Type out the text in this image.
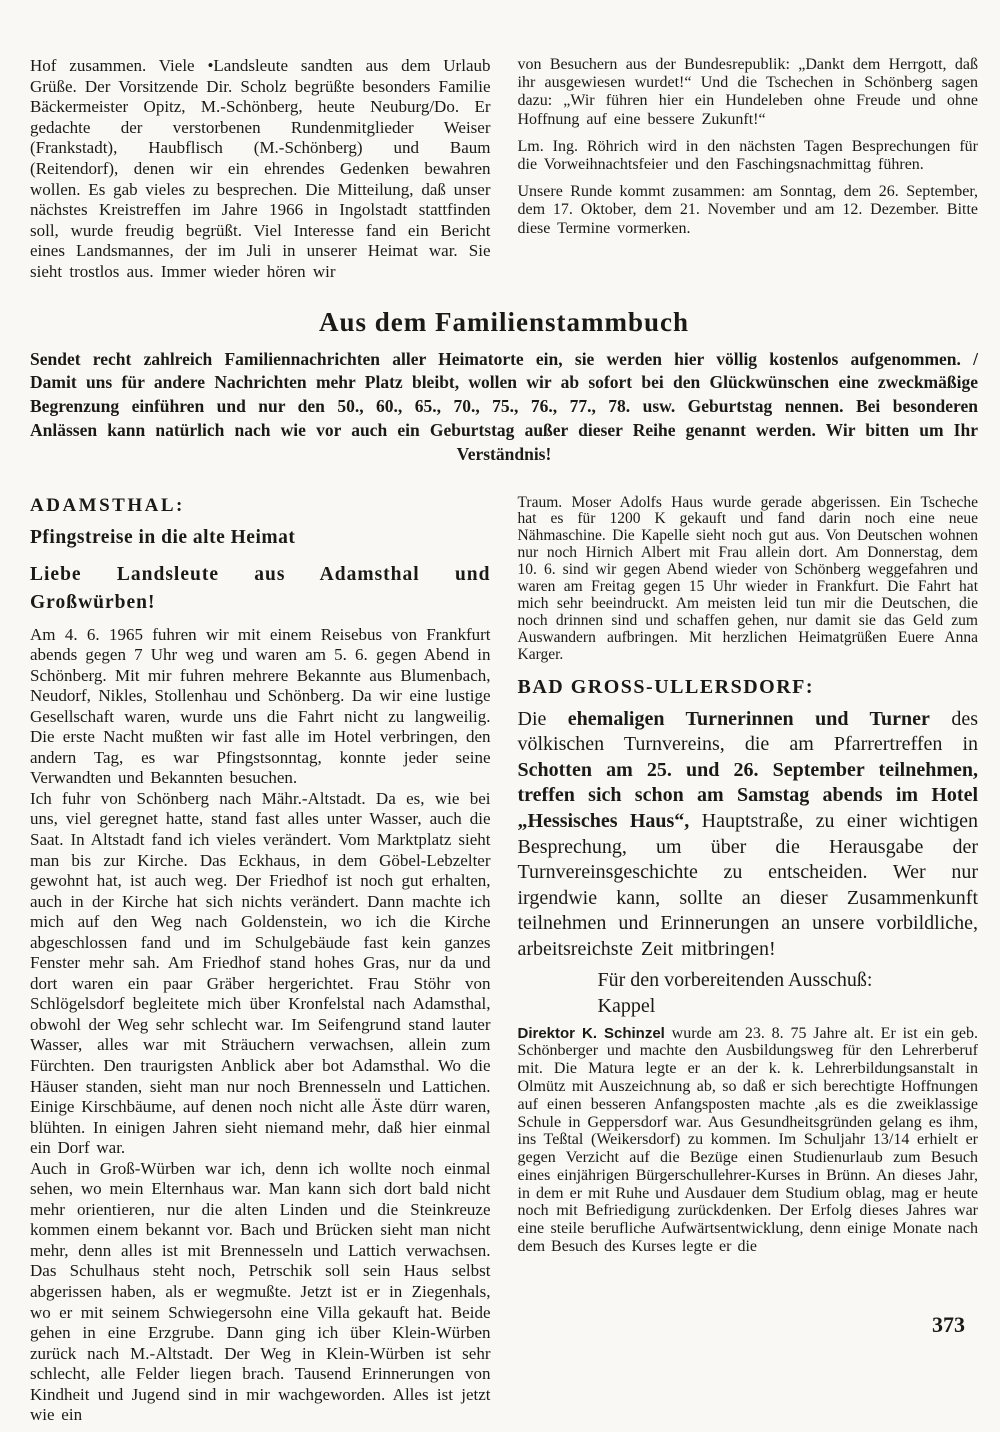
Hof zusammen. Viele •Landsleute sandten aus dem Urlaub Grüße. Der Vorsitzende Dir. Scholz begrüßte besonders Familie Bäckermeister Opitz, M.-Schönberg, heute Neuburg/Do. Er gedachte der verstorbenen Rundenmitglieder Weiser (Frankstadt), Haubflisch (M.-Schönberg) und Baum (Reitendorf), denen wir ein ehrendes Gedenken bewahren wollen. Es gab vieles zu besprechen. Die Mitteilung, daß unser nächstes Kreistreffen im Jahre 1966 in Ingolstadt stattfinden soll, wurde freudig begrüßt. Viel Interesse fand ein Bericht eines Landsmannes, der im Juli in unserer Heimat war. Sie sieht trostlos aus. Immer wieder hören wir

von Besuchern aus der Bundesrepublik: „Dankt dem Herrgott, daß ihr ausgewiesen wurdet!“ Und die Tschechen in Schönberg sagen dazu: „Wir führen hier ein Hundeleben ohne Freude und ohne Hoffnung auf eine bessere Zukunft!“

Lm. Ing. Röhrich wird in den nächsten Tagen Besprechungen für die Vorweihnachtsfeier und den Faschingsnachmittag führen.

Unsere Runde kommt zusammen: am Sonntag, dem 26. September, dem 17. Oktober, dem 21. November und am 12. Dezember. Bitte diese Termine vormerken.

Aus dem Familienstammbuch

Sendet recht zahlreich Familiennachrichten aller Heimatorte ein, sie werden hier völlig kostenlos aufgenommen. / Damit uns für andere Nachrichten mehr Platz bleibt, wollen wir ab sofort bei den Glückwünschen eine zweckmäßige Begrenzung einführen und nur den 50., 60., 65., 70., 75., 76., 77., 78. usw. Geburtstag nennen. Bei besonderen Anlässen kann natürlich nach wie vor auch ein Geburtstag außer dieser Reihe genannt werden. Wir bitten um Ihr Verständnis!

ADAMSTHAL:
Pfingstreise in die alte Heimat
Liebe Landsleute aus Adamsthal und Großwürben!

Am 4. 6. 1965 fuhren wir mit einem Reisebus von Frankfurt abends gegen 7 Uhr weg und waren am 5. 6. gegen Abend in Schönberg. Mit mir fuhren mehrere Bekannte aus Blumenbach, Neudorf, Nikles, Stollenhau und Schönberg. Da wir eine lustige Gesellschaft waren, wurde uns die Fahrt nicht zu langweilig. Die erste Nacht mußten wir fast alle im Hotel verbringen, den andern Tag, es war Pfingstsonntag, konnte jeder seine Verwandten und Bekannten besuchen.

Ich fuhr von Schönberg nach Mähr.-Altstadt. Da es, wie bei uns, viel geregnet hatte, stand fast alles unter Wasser, auch die Saat. In Altstadt fand ich vieles verändert. Vom Marktplatz sieht man bis zur Kirche. Das Eckhaus, in dem Göbel-Lebzelter gewohnt hat, ist auch weg. Der Friedhof ist noch gut erhalten, auch in der Kirche hat sich nichts verändert. Dann machte ich mich auf den Weg nach Goldenstein, wo ich die Kirche abgeschlossen fand und im Schulgebäude fast kein ganzes Fenster mehr sah. Am Friedhof stand hohes Gras, nur da und dort waren ein paar Gräber hergerichtet. Frau Stöhr von Schlögelsdorf begleitete mich über Kronfelstal nach Adamsthal, obwohl der Weg sehr schlecht war. Im Seifengrund stand lauter Wasser, alles war mit Sträuchern verwachsen, allein zum Fürchten. Den traurigsten Anblick aber bot Adamsthal. Wo die Häuser standen, sieht man nur noch Brennesseln und Lattichen. Einige Kirschbäume, auf denen noch nicht alle Äste dürr waren, blühten. In einigen Jahren sieht niemand mehr, daß hier einmal ein Dorf war.

Auch in Groß-Würben war ich, denn ich wollte noch einmal sehen, wo mein Elternhaus war. Man kann sich dort bald nicht mehr orientieren, nur die alten Linden und die Steinkreuze kommen einem bekannt vor. Bach und Brücken sieht man nicht mehr, denn alles ist mit Brennesseln und Lattich verwachsen. Das Schulhaus steht noch, Petrschik soll sein Haus selbst abgerissen haben, als er wegmußte. Jetzt ist er in Ziegenhals, wo er mit seinem Schwiegersohn eine Villa gekauft hat. Beide gehen in eine Erzgrube. Dann ging ich über Klein-Würben zurück nach M.-Altstadt. Der Weg in Klein-Würben ist sehr schlecht, alle Felder liegen brach. Tausend Erinnerungen von Kindheit und Jugend sind in mir wachgeworden. Alles ist jetzt wie ein

Traum. Moser Adolfs Haus wurde gerade abgerissen. Ein Tscheche hat es für 1200 K gekauft und fand darin noch eine neue Nähmaschine. Die Kapelle sieht noch gut aus. Von Deutschen wohnen nur noch Hirnich Albert mit Frau allein dort. Am Donnerstag, dem 10. 6. sind wir gegen Abend wieder von Schönberg weggefahren und waren am Freitag gegen 15 Uhr wieder in Frankfurt. Die Fahrt hat mich sehr beeindruckt. Am meisten leid tun mir die Deutschen, die noch drinnen sind und schaffen gehen, nur damit sie das Geld zum Auswandern aufbringen. Mit herzlichen Heimatgrüßen Euere Anna Karger.

BAD GROSS-ULLERSDORF:

Die ehemaligen Turnerinnen und Turner des völkischen Turnvereins, die am Pfarrertreffen in Schotten am 25. und 26. September teilnehmen, treffen sich schon am Samstag abends im Hotel „Hessisches Haus“, Hauptstraße, zu einer wichtigen Besprechung, um über die Herausgabe der Turnvereinsgeschichte zu entscheiden. Wer nur irgendwie kann, sollte an dieser Zusammenkunft teilnehmen und Erinnerungen an unsere vorbildliche, arbeitsreichste Zeit mitbringen!

Für den vorbereitenden Ausschuß:
Kappel

Direktor K. Schinzel wurde am 23. 8. 75 Jahre alt. Er ist ein geb. Schönberger und machte den Ausbildungsweg für den Lehrerberuf mit. Die Matura legte er an der k. k. Lehrerbildungsanstalt in Olmütz mit Auszeichnung ab, so daß er sich berechtigte Hoffnungen auf einen besseren Anfangsposten machte ,als es die zweiklassige Schule in Geppersdorf war. Aus Gesundheitsgründen gelang es ihm, ins Teßtal (Weikersdorf) zu kommen. Im Schuljahr 13/14 erhielt er gegen Verzicht auf die Bezüge einen Studienurlaub zum Besuch eines einjährigen Bürgerschullehrer-Kurses in Brünn. An dieses Jahr, in dem er mit Ruhe und Ausdauer dem Studium oblag, mag er heute noch mit Befriedigung zurückdenken. Der Erfolg dieses Jahres war eine steile berufliche Aufwärtsentwicklung, denn einige Monate nach dem Besuch des Kurses legte er die

373
